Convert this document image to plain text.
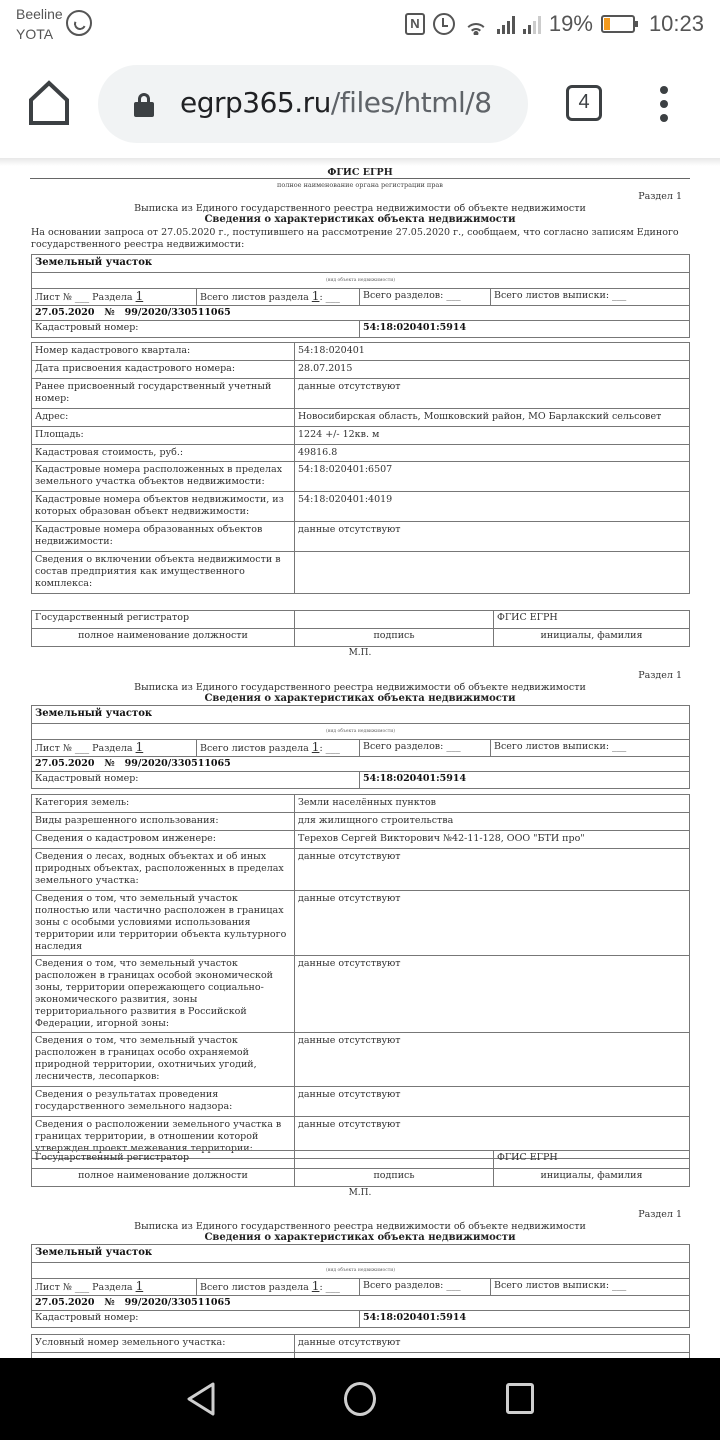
Beeline
YOTA
N	19%	10:23
egrp365.ru/files/html/8	4
ФГИС ЕГРН
полное наименование органа регистрации прав
Раздел 1
Выписка из Единого государственного реестра недвижимости об объекте недвижимости
Сведения о характеристиках объекта недвижимости
На основании запроса от 27.05.2020 г., поступившего на рассмотрение 27.05.2020 г., сообщаем, что согласно записям Единого государственного реестра недвижимости:
Земельный участок			
(вид объекта недвижимости)			
Лист № ___ Раздела 1	Всего листов раздела 1: ___	Всего разделов: ___	Всего листов выписки: ___
27.05.2020   №   99/2020/330511065			
Кадастровый номер:		54:18:020401:5914	
Номер кадастрового квартала:	54:18:020401
Дата присвоения кадастрового номера:	28.07.2015
Ранее присвоенный государственный учетный номер:	данные отсутствуют
Адрес:	Новосибирская область, Мошковский район, МО Барлакский сельсовет
Площадь:	1224 +/- 12кв. м
Кадастровая стоимость, руб.:	49816.8
Кадастровые номера расположенных в пределах земельного участка объектов недвижимости:	54:18:020401:6507
Кадастровые номера объектов недвижимости, из которых образован объект недвижимости:	54:18:020401:4019
Кадастровые номера образованных объектов недвижимости:	данные отсутствуют
Сведения о включении объекта недвижимости в состав предприятия как имущественного комплекса:	
Государственный регистратор		ФГИС ЕГРН
полное наименование должности	подпись	инициалы, фамилия
М.П.
Раздел 1
Выписка из Единого государственного реестра недвижимости об объекте недвижимости
Сведения о характеристиках объекта недвижимости
Земельный участок			
(вид объекта недвижимости)			
Лист № ___ Раздела 1	Всего листов раздела 1: ___	Всего разделов: ___	Всего листов выписки: ___
27.05.2020   №   99/2020/330511065			
Кадастровый номер:		54:18:020401:5914	
Категория земель:	Земли населённых пунктов
Виды разрешенного использования:	для жилищного строительства
Сведения о кадастровом инженере:	Терехов Сергей Викторович №42-11-128, ООО "БТИ про"
Сведения о лесах, водных объектах и об иных природных объектах, расположенных в пределах земельного участка:	данные отсутствуют
Сведения о том, что земельный участок полностью или частично расположен в границах зоны с особыми условиями использования территории или территории объекта культурного наследия	данные отсутствуют
Сведения о том, что земельный участок расположен в границах особой экономической зоны, территории опережающего социально-экономического развития, зоны территориального развития в Российской Федерации, игорной зоны:	данные отсутствуют
Сведения о том, что земельный участок расположен в границах особо охраняемой природной территории, охотничьих угодий, лесничеств, лесопарков:	данные отсутствуют
Сведения о результатах проведения государственного земельного надзора:	данные отсутствуют
Сведения о расположении земельного участка в границах территории, в отношении которой утвержден проект межевания территории:	данные отсутствуют
Государственный регистратор		ФГИС ЕГРН
полное наименование должности	подпись	инициалы, фамилия
М.П.
Раздел 1
Выписка из Единого государственного реестра недвижимости об объекте недвижимости
Сведения о характеристиках объекта недвижимости
Земельный участок			
(вид объекта недвижимости)			
Лист № ___ Раздела 1	Всего листов раздела 1: ___	Всего разделов: ___	Всего листов выписки: ___
27.05.2020   №   99/2020/330511065			
Кадастровый номер:		54:18:020401:5914	
Условный номер земельного участка:	данные отсутствуют
